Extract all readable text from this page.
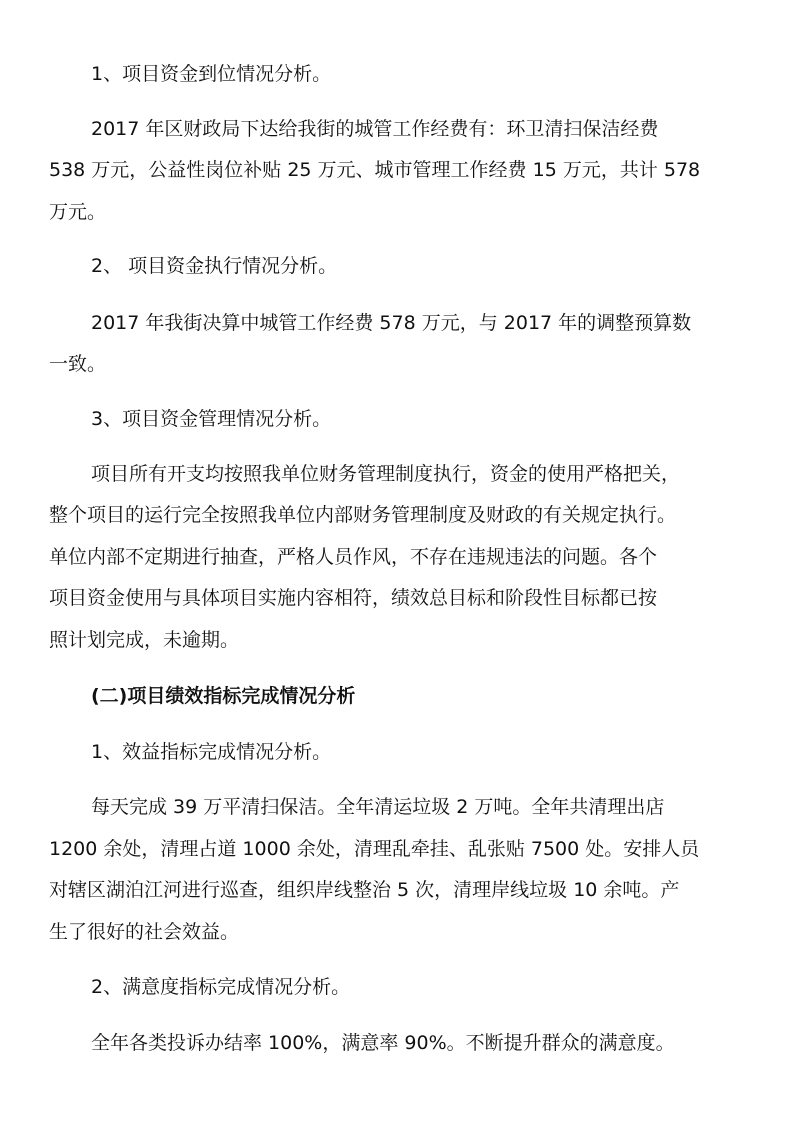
1、项目资金到位情况分析。
2017 年区财政局下达给我街的城管工作经费有：环卫清扫保洁经费
538 万元，公益性岗位补贴 25 万元、城市管理工作经费 15 万元，共计 578
万元。
2、 项目资金执行情况分析。
2017 年我街决算中城管工作经费 578 万元，与 2017 年的调整预算数
一致。
3、项目资金管理情况分析。
项目所有开支均按照我单位财务管理制度执行，资金的使用严格把关，
整个项目的运行完全按照我单位内部财务管理制度及财政的有关规定执行。
单位内部不定期进行抽查，严格人员作风，不存在违规违法的问题。各个
项目资金使用与具体项目实施内容相符，绩效总目标和阶段性目标都已按
照计划完成，未逾期。
(二)项目绩效指标完成情况分析
1、效益指标完成情况分析。
每天完成 39 万平清扫保洁。全年清运垃圾 2 万吨。全年共清理出店
1200 余处，清理占道 1000 余处，清理乱牵挂、乱张贴 7500 处。安排人员
对辖区湖泊江河进行巡查，组织岸线整治 5 次，清理岸线垃圾 10 余吨。产
生了很好的社会效益。
2、满意度指标完成情况分析。
全年各类投诉办结率 100%，满意率 90%。不断提升群众的满意度。
